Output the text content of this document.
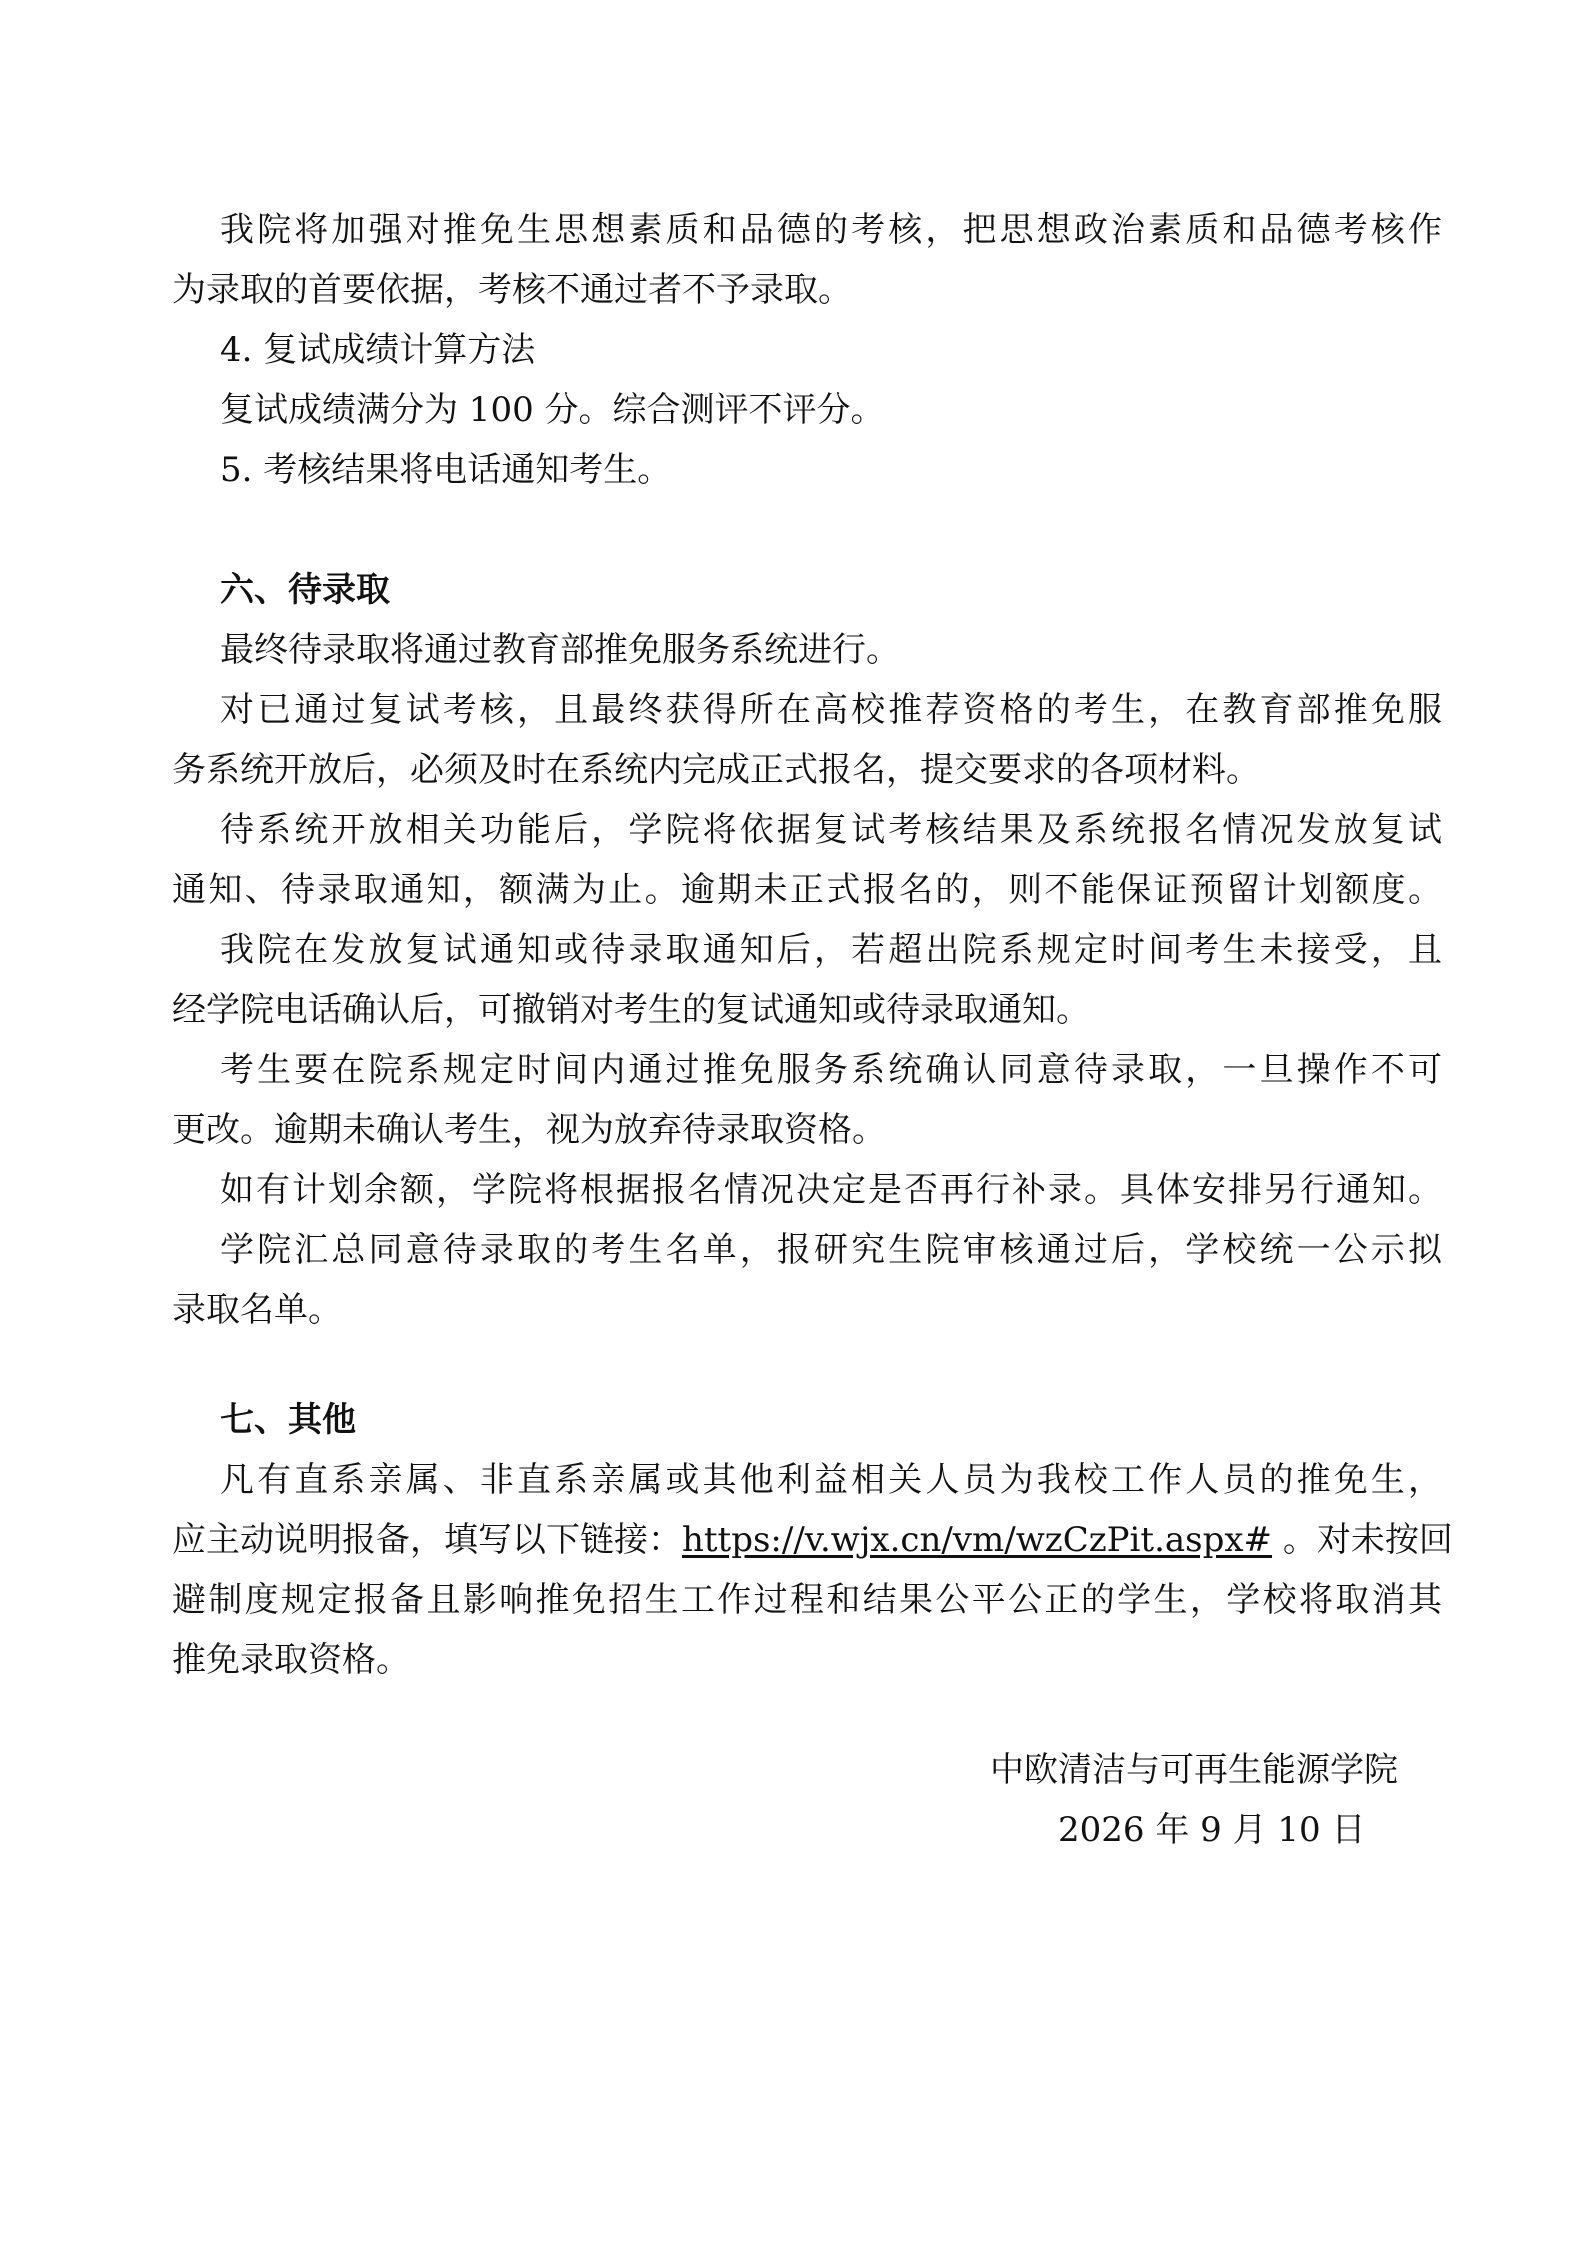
我院将加强对推免生思想素质和品德的考核，把思想政治素质和品德考核作
为录取的首要依据，考核不通过者不予录取。
4. 复试成绩计算方法
复试成绩满分为 100 分。综合测评不评分。
5. 考核结果将电话通知考生。
六、待录取
最终待录取将通过教育部推免服务系统进行。
对已通过复试考核，且最终获得所在高校推荐资格的考生，在教育部推免服
务系统开放后，必须及时在系统内完成正式报名，提交要求的各项材料。
待系统开放相关功能后，学院将依据复试考核结果及系统报名情况发放复试
通知、待录取通知，额满为止。逾期未正式报名的，则不能保证预留计划额度。
我院在发放复试通知或待录取通知后，若超出院系规定时间考生未接受，且
经学院电话确认后，可撤销对考生的复试通知或待录取通知。
考生要在院系规定时间内通过推免服务系统确认同意待录取，一旦操作不可
更改。逾期未确认考生，视为放弃待录取资格。
如有计划余额，学院将根据报名情况决定是否再行补录。具体安排另行通知。
学院汇总同意待录取的考生名单，报研究生院审核通过后，学校统一公示拟
录取名单。
七、其他
凡有直系亲属、非直系亲属或其他利益相关人员为我校工作人员的推免生，
应主动说明报备，填写以下链接：https://v.wjx.cn/vm/wzCzPit.aspx# 。对未按回
避制度规定报备且影响推免招生工作过程和结果公平公正的学生，学校将取消其
推免录取资格。
中欧清洁与可再生能源学院
2026 年 9 月 10 日
